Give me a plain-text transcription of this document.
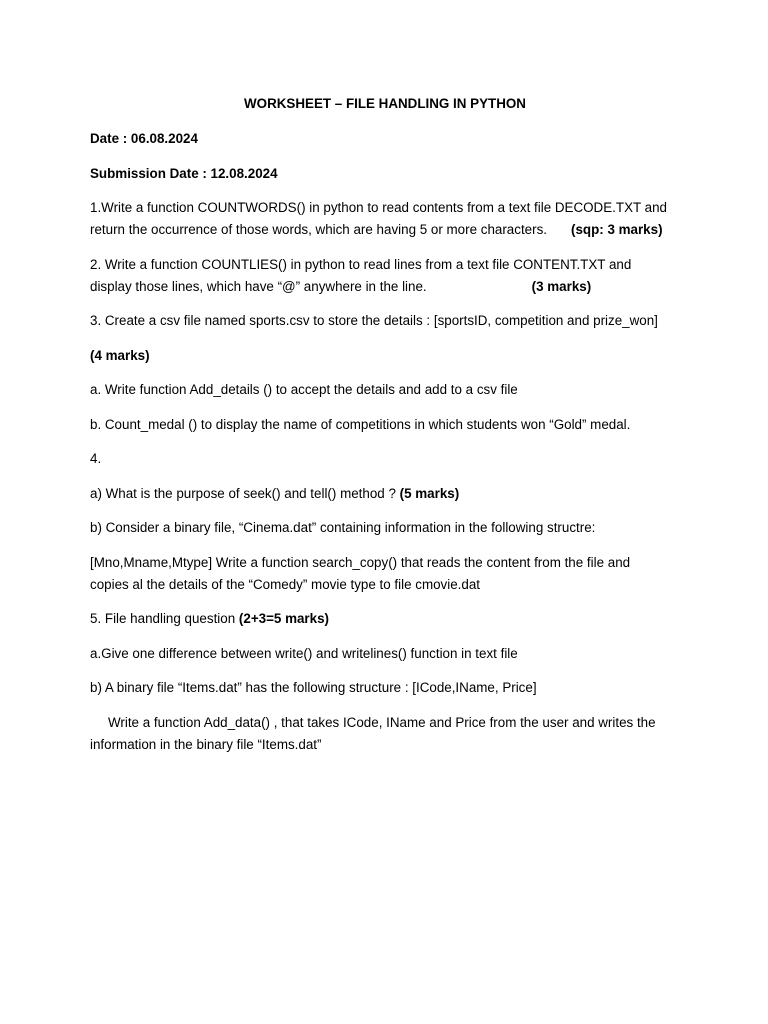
WORKSHEET – FILE HANDLING IN PYTHON
Date : 06.08.2024
Submission Date : 12.08.2024
1.Write a function COUNTWORDS() in python to read contents from a text file DECODE.TXT and
return the occurrence of those words, which are having 5 or more characters. (sqp: 3 marks)
2. Write a function COUNTLIES() in python to read lines from a text file CONTENT.TXT and
display those lines, which have “@” anywhere in the line.	(3 marks)
3. Create a csv file named sports.csv to store the details : [sportsID, competition and prize_won]
(4 marks)
a. Write function Add_details () to accept the details and add to a csv file
b. Count_medal () to display the name of competitions in which students won “Gold” medal.
4.
a) What is the purpose of seek() and tell() method ? (5 marks)
b) Consider a binary file, “Cinema.dat” containing information in the following structre:
[Mno,Mname,Mtype] Write a function search_copy() that reads the content from the file and
copies al the details of the “Comedy” movie type to file cmovie.dat
5. File handling question (2+3=5 marks)
a.Give one difference between write() and writelines() function in text file
b) A binary file “Items.dat” has the following structure : [ICode,IName, Price]
Write a function Add_data() , that takes ICode, IName and Price from the user and writes the
information in the binary file “Items.dat”
